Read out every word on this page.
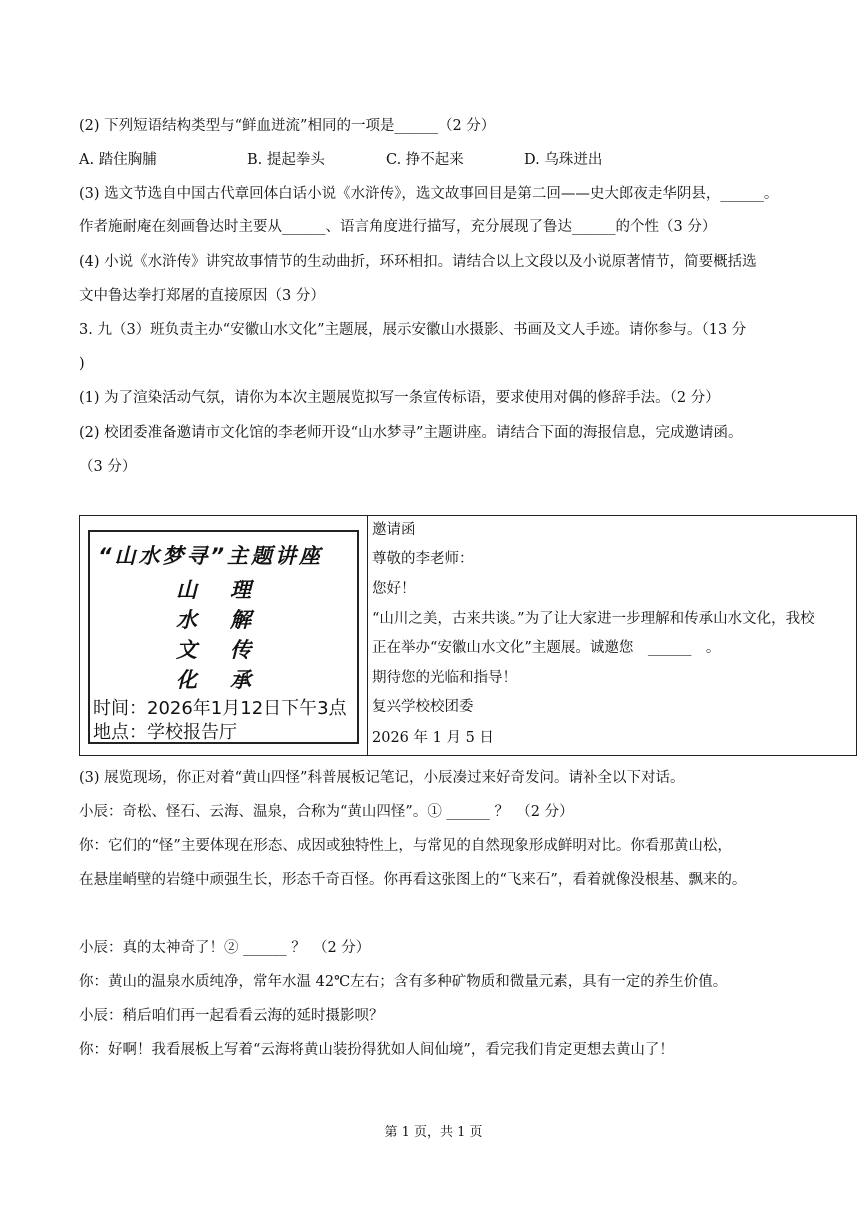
(2) 下列短语结构类型与“鲜血迸流”相同的一项是______（2 分）
A. 踏住胸脯	B. 提起拳头	C. 挣不起来	D. 乌珠迸出
(3) 选文节选自中国古代章回体白话小说《水浒传》，选文故事回目是第二回——史大郎夜走华阴县，______。
作者施耐庵在刻画鲁达时主要从______、语言角度进行描写，充分展现了鲁达______的个性（3 分）
(4) 小说《水浒传》讲究故事情节的生动曲折，环环相扣。请结合以上文段以及小说原著情节，简要概括选
文中鲁达拳打郑屠的直接原因（3 分）
3. 九（3）班负责主办“安徽山水文化”主题展，展示安徽山水摄影、书画及文人手迹。请你参与。（13 分
)
(1) 为了渲染活动气氛，请你为本次主题展览拟写一条宣传标语，要求使用对偶的修辞手法。（2 分）
(2) 校团委准备邀请市文化馆的李老师开设“山水梦寻”主题讲座。请结合下面的海报信息，完成邀请函。
（3 分）
“山水梦寻”主题讲座
山 理
水 解
文 传
化 承
时间：2026年1月12日下午3点
地点：学校报告厅
邀请函
尊敬的李老师：
您好！
“山川之美，古来共谈。”为了让大家进一步理解和传承山水文化，我校
正在举办“安徽山水文化”主题展。诚邀您　______　。
期待您的光临和指导！
复兴学校校团委
2026 年 1 月 5 日
(3) 展览现场，你正对着“黄山四怪”科普展板记笔记，小辰凑过来好奇发问。请补全以下对话。
小辰：奇松、怪石、云海、温泉，合称为“黄山四怪”。① ______ ？　（2 分）
你：它们的“怪”主要体现在形态、成因或独特性上，与常见的自然现象形成鲜明对比。你看那黄山松，
在悬崖峭壁的岩缝中顽强生长，形态千奇百怪。你再看这张图上的“飞来石”，看着就像没根基、飘来的。
小辰：真的太神奇了！② ______ ？　（2 分）
你：黄山的温泉水质纯净，常年水温 42℃左右；含有多种矿物质和微量元素，具有一定的养生价值。
小辰：稍后咱们再一起看看云海的延时摄影呗？
你：好啊！我看展板上写着“云海将黄山装扮得犹如人间仙境”，看完我们肯定更想去黄山了！
第 1 页，共 1 页
